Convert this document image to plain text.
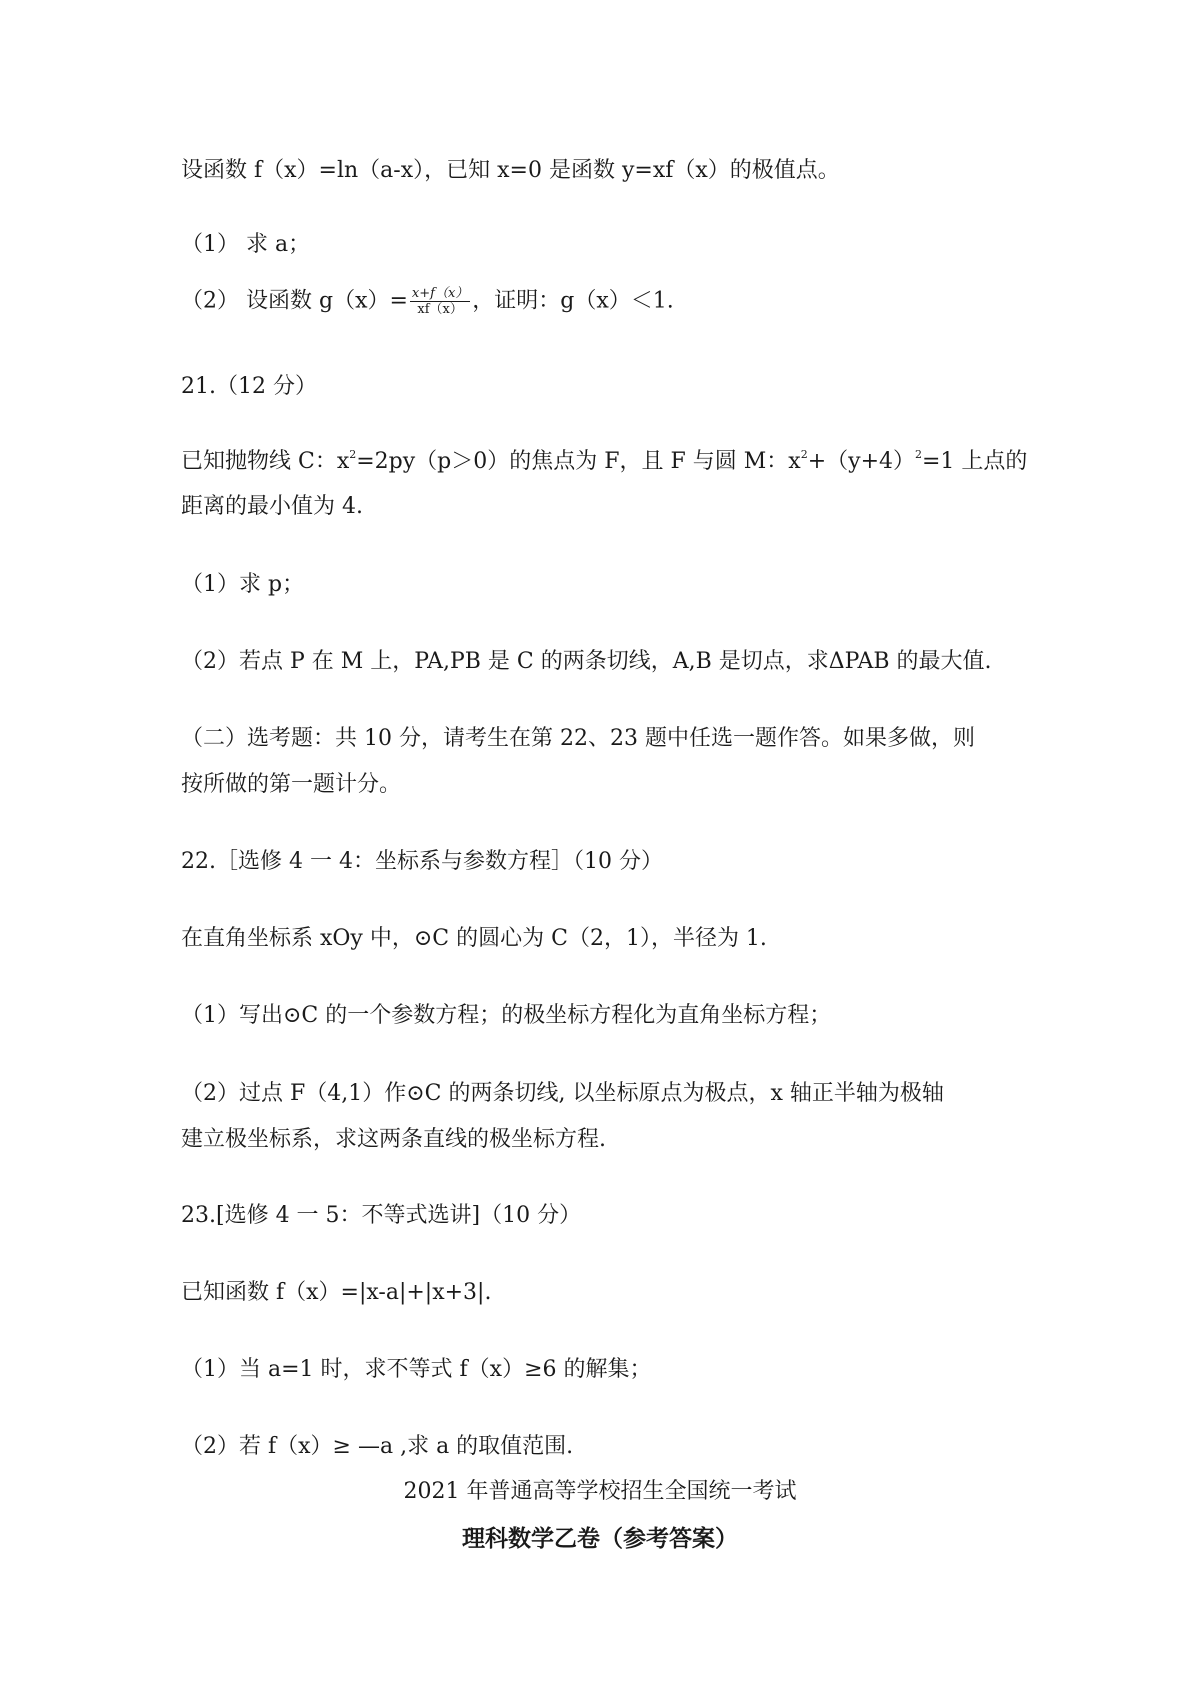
设函数 f（x）=ln（a-x），已知 x=0 是函数 y=xf（x）的极值点。
（1） 求 a；
（2） 设函数 $g(x)= \frac{x+f(x)}{xf(x)}$ ，证明：g（x）＜1.
21.（12 分）
已知抛物线 C：$x^2=2py(p>0)$的焦点为 F，且 F 与圆 M：$x^2+(y+4)^2=1$ 上点的
距离的最小值为 4.
（1）求 p；
（2）若点 P 在 M 上，PA,PB 是 C 的两条切线，A,B 是切点，求ΔPAB 的最大值.
（二）选考题：共 10 分，请考生在第 22、23 题中任选一题作答。如果多做，则
按所做的第一题计分。
22.［选修 4 一 4：坐标系与参数方程］（10 分）
在直角坐标系 xOy 中，⊙C 的圆心为 C（2，1），半径为 1.
（1）写出⊙C 的一个参数方程；的极坐标方程化为直角坐标方程；
（2）过点 F（4,1）作⊙C 的两条切线, 以坐标原点为极点，x 轴正半轴为极轴
建立极坐标系，求这两条直线的极坐标方程.
23.[选修 4 一 5：不等式选讲]（10 分）
已知函数 f（x）=|x-a|+|x+3|.
（1）当 a=1 时，求不等式 f（x）≥6 的解集；
（2）若 f（x）≥ —a ,求 a 的取值范围.
2021 年普通高等学校招生全国统一考试
理科数学乙卷（参考答案）
